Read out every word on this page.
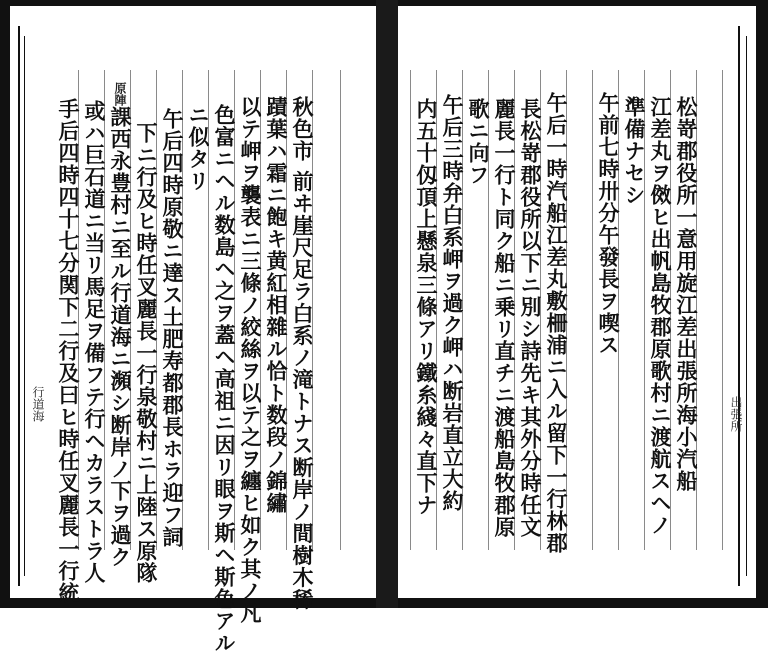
行道海 手后四時四十七分関下二行及曰ヒ時任叉麗長一行統 或ハ巨石道ニ当リ馬足ヲ備フテ行ヘカラストラ人 課西永豊村ニ至ル行道海ニ瀕シ断岸ノ下ヲ過ク 下ニ行及ヒ時任叉麗長一行泉敬村ニ上陸ス原隊 午后四時原敬ニ達ス土肥寿都郡長ホラ迎フ詞 ニ似タリ 色富ニヘル数島ヘ之ヲ蓋ヘ高祖ニ因リ眼ヲ斯ヘ斯色アル 以テ岬ヲ襲表ニ三條ノ絞絲ヲ以テ之ヲ纏ヒ如ク其ノ凡 蹟葉ハ霜ニ飽キ黄紅相雜ル恰ト数段ノ錦繡 秋色市 前ヰ崖尺足ラ白系ノ滝トナス断岸ノ間樹木稀
原陣
出張所
内五十仭頂上懸泉三條アリ鐵糸綫々直下ナ 午后三時弁白系岬ヲ過ク岬ハ断岩直立大約 歌ニ向フ 麗長一行ト同ク船ニ乗リ直チニ渡船島牧郡原 長松嵜郡役所以下ニ別シ詩先キ其外分時任文 午后一時汽船江差丸敷柵浦ニ入ル留下一行林郡 午前七時卅分午發長ヲ喫ス 準備ナセシ 江差丸ヲ傚ヒ出帆島牧郡原歌村ニ渡航スヘノ 松嵜郡役所一意用旋江差出張所海小汽船
